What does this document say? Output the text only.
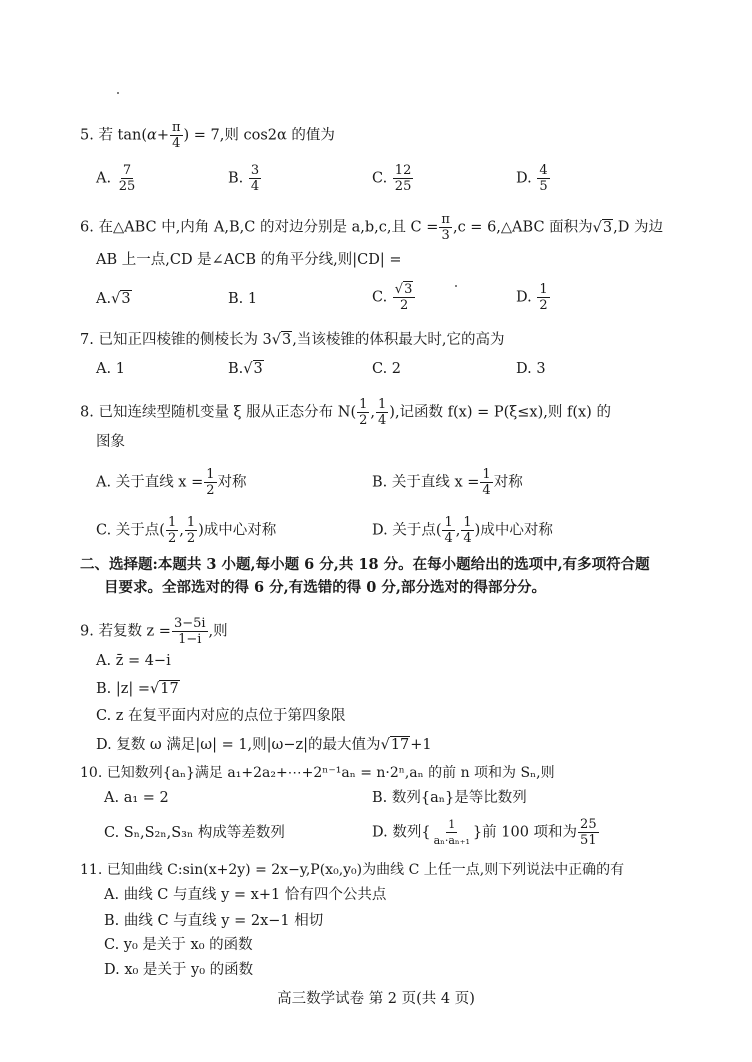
5. 若 $\tan(\alpha+ \frac{\pi}{4}$ ) = 7,则 cos2α 的值为
A. $\frac{7}{25}$	B. $\frac{3}{4}$	C. $\frac{12}{25}$	D. $\frac{4}{5}$
6. 在△ABC 中,内角 A,B,C 的对边分别是 a,b,c,且 $C = \frac{\pi}{3} ,c$ = 6,△ABC 面积为√3,D 为边
AB 上一点,CD 是∠ACB 的角平分线,则|CD| =
A.√3	B. 1	C. $\frac{√3}{2}$	D. $\frac{1}{2}$
7. 已知正四棱锥的侧棱长为 3√3,当该棱锥的体积最大时,它的高为
A. 1	B.√3	C. 2	D. 3
8. 已知连续型随机变量 ξ 服从正态分布 $N( \frac{1}{2}$ , $\frac{1}{4}$ ),记函数 f(x) = P(ξ≤x),则 f(x) 的
图象
A. 关于直线 $x = \frac{1}{2}$ 对称	B. 关于直线 $x = \frac{1}{4}$ 对称
C. 关于点( $\frac{1}{2}$ , $\frac{1}{2}$ )成中心对称	D. 关于点( $\frac{1}{4}$ , $\frac{1}{4}$ )成中心对称
二、选择题:本题共 3 小题,每小题 6 分,共 18 分。在每小题给出的选项中,有多项符合题
目要求。全部选对的得 6 分,有选错的得 0 分,部分选对的得部分分。
9. 若复数 $z = \frac{3-5i}{1-i}$ ,则
A. z̄ = 4−i
B. |z| =√17
C. z 在复平面内对应的点位于第四象限
D. 复数 ω 满足|ω| = 1,则|ω−z|的最大值为√17+1
10. 已知数列{aₙ}满足 a₁+2a₂+⋯+2ⁿ⁻¹aₙ = n·2ⁿ,aₙ 的前 n 项和为 Sₙ,则
A. a₁ = 2	B. 数列{aₙ}是等比数列
C. Sₙ,S₂ₙ,S₃ₙ 构成等差数列	D. 数列{ $\frac{1}{\text{aₙ·aₙ₊₁}}$ }前 100 项和为 $\frac{25}{51}$
11. 已知曲线 C:sin(x+2y) = 2x−y,P(x₀,y₀)为曲线 C 上任一点,则下列说法中正确的有
A. 曲线 C 与直线 y = x+1 恰有四个公共点
B. 曲线 C 与直线 y = 2x−1 相切
C. y₀ 是关于 x₀ 的函数
D. x₀ 是关于 y₀ 的函数
高三数学试卷 第 2 页(共 4 页)
